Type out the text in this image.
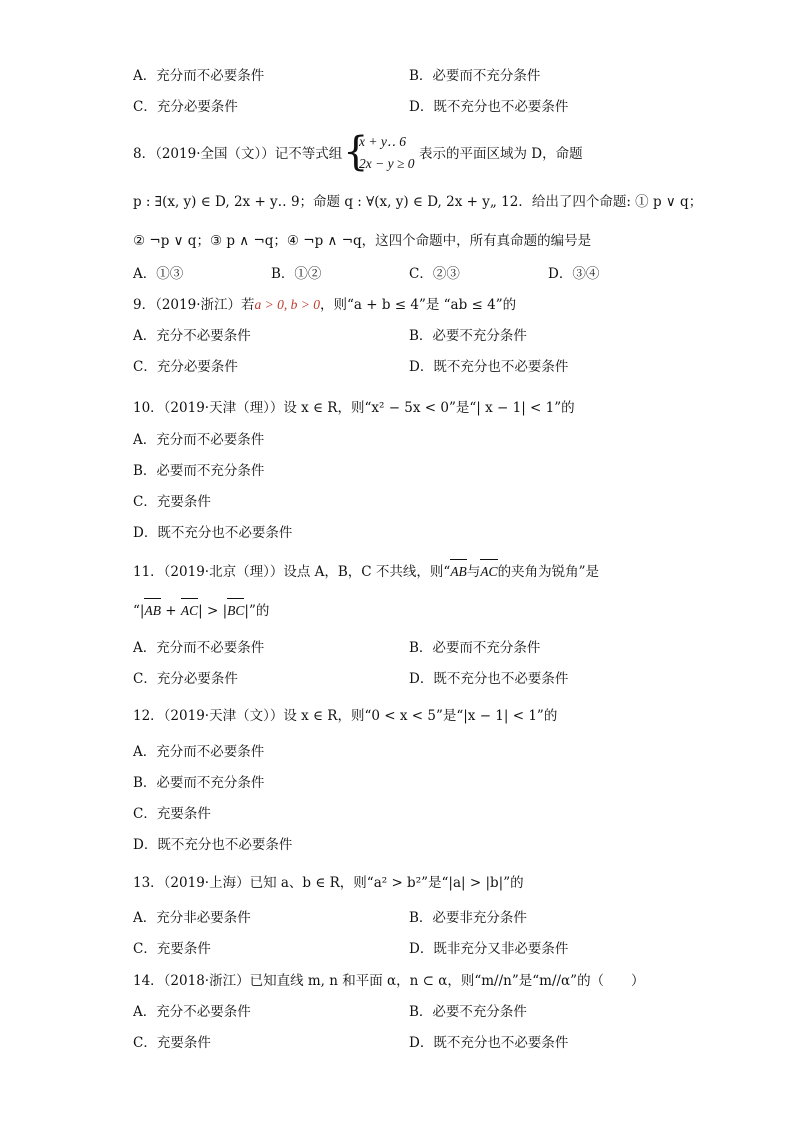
A．充分而不必要条件	B．必要而不充分条件
C．充分必要条件	D．既不充分也不必要条件
8．（2019·全国（文））记不等式组 {
x + y‥ 6
2x − y ≥ 0
表示的平面区域为 D，命题
p : ∃(x, y) ∈ D, 2x + y‥ 9；命题 q : ∀(x, y) ∈ D, 2x + y„ 12．给出了四个命题: ① p ∨ q；
② ¬p ∨ q；③ p ∧ ¬q；④ ¬p ∧ ¬q，这四个命题中，所有真命题的编号是
A．①③	B．①②	C．②③	D．③④
9．（2019·浙江）若a > 0, b > 0，则“a + b ≤ 4”是 “ab ≤ 4”的
A．充分不必要条件	B．必要不充分条件
C．充分必要条件	D．既不充分也不必要条件
10．（2019·天津（理））设 x ∈ R，则“x² − 5x < 0”是“| x − 1| < 1”的
A．充分而不必要条件
B．必要而不充分条件
C．充要条件
D．既不充分也不必要条件
11．（2019·北京（理））设点 A，B，C 不共线，则“AB与AC的夹角为锐角”是
“|AB + AC| > |BC|”的
A．充分而不必要条件	B．必要而不充分条件
C．充分必要条件	D．既不充分也不必要条件
12．（2019·天津（文））设 x ∈ R，则“0 < x < 5”是“|x − 1| < 1”的
A．充分而不必要条件
B．必要而不充分条件
C．充要条件
D．既不充分也不必要条件
13．（2019·上海）已知 a、b ∈ R，则“a² > b²”是“|a| > |b|”的
A．充分非必要条件	B．必要非充分条件
C．充要条件	D．既非充分又非必要条件
14．（2018·浙江）已知直线 m, n 和平面 α，n ⊂ α，则“m//n”是“m//α”的（　　）
A．充分不必要条件	B．必要不充分条件
C．充要条件	D．既不充分也不必要条件
